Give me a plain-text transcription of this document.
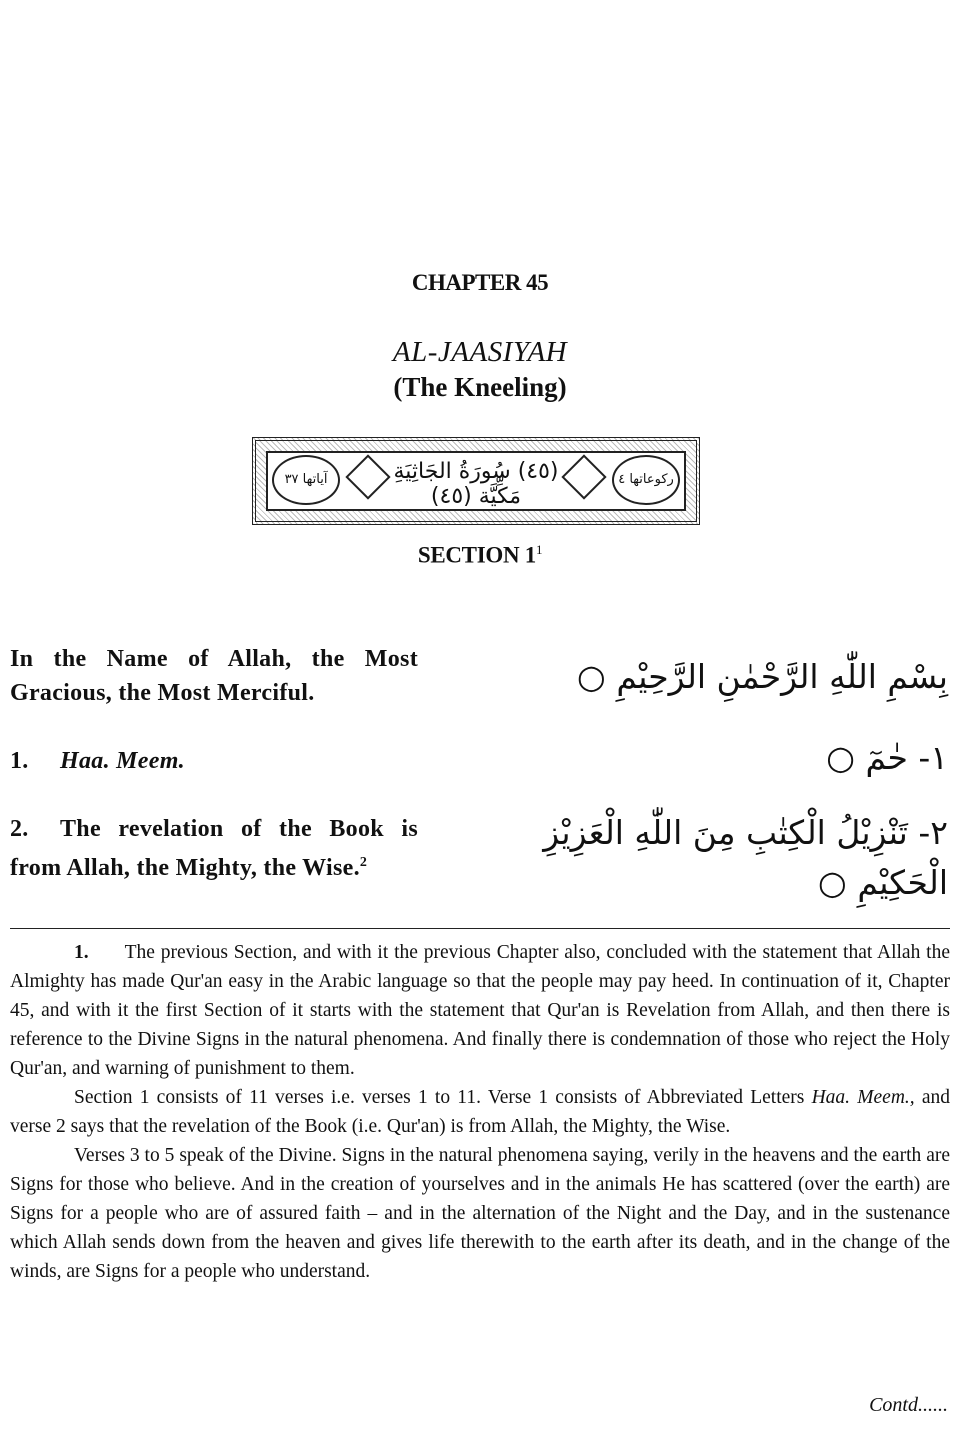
CHAPTER 45
AL-JAASIYAH
(The Kneeling)
آياتها ٣٧	(٤٥) سُورَةُ الجَاثِيَةِ مَكِّيَّة (٤٥)
ركوعاتها ٤
SECTION $1^1$
In the Name of Allah, the Most Gracious, the Most Merciful.	بِسْمِ اللّٰهِ الرَّحْمٰنِ الرَّحِيْمِ ○
1. Haa. Meem.	١- حٰمٓ ○
2. The revelation of the Book is from Allah, the Mighty, the Wise.$^2$
٢- تَنْزِيْلُ الْكِتٰبِ مِنَ اللّٰهِ الْعَزِيْزِ الْحَكِيْمِ ○

1. The previous Section, and with it the previous Chapter also, concluded with the statement that Allah the Almighty has made Qur'an easy in the Arabic language so that the people may pay heed. In continuation of it, Chapter 45, and with it the first Section of it starts with the statement that Qur'an is Revelation from Allah, and then there is reference to the Divine Signs in the natural phenomena. And finally there is condemnation of those who reject the Holy Qur'an, and warning of punishment to them.

Section 1 consists of 11 verses i.e. verses 1 to 11. Verse 1 consists of Abbreviated Letters Haa. Meem., and verse 2 says that the revelation of the Book (i.e. Qur'an) is from Allah, the Mighty, the Wise.

Verses 3 to 5 speak of the Divine. Signs in the natural phenomena saying, verily in the heavens and the earth are Signs for those who believe. And in the creation of yourselves and in the animals He has scattered (over the earth) are Signs for a people who are of assured faith – and in the alternation of the Night and the Day, and in the sustenance which Allah sends down from the heaven and gives life therewith to the earth after its death, and in the change of the winds, are Signs for a people who understand.

Contd......
